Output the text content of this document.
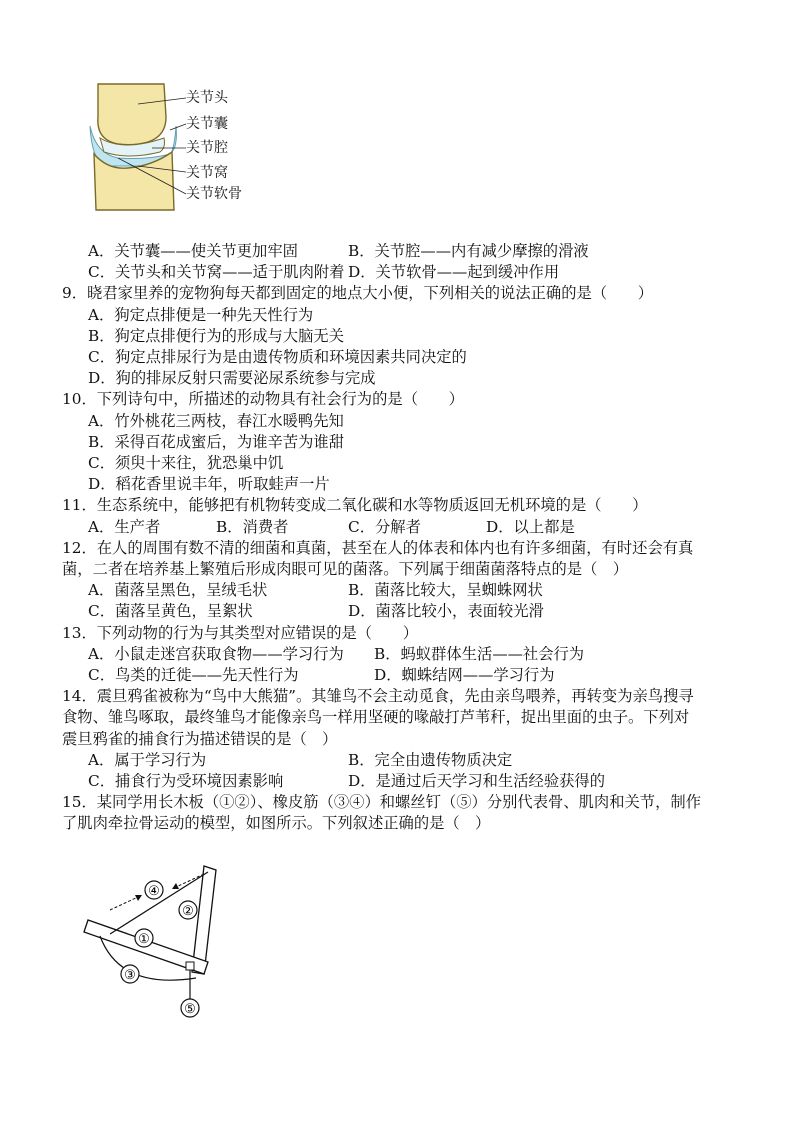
关节头
关节囊
关节腔
关节窝
关节软骨
A．关节囊——使关节更加牢固	B．关节腔——内有减少摩擦的滑液
C．关节头和关节窝——适于肌肉附着 D．关节软骨——起到缓冲作用
9．晓君家里养的宠物狗每天都到固定的地点大小便，下列相关的说法正确的是（　　）
A．狗定点排便是一种先天性行为
B．狗定点排便行为的形成与大脑无关
C．狗定点排尿行为是由遗传物质和环境因素共同决定的
D．狗的排尿反射只需要泌尿系统参与完成
10．下列诗句中，所描述的动物具有社会行为的是（　　）
A．竹外桃花三两枝，春江水暖鸭先知
B．采得百花成蜜后，为谁辛苦为谁甜
C．须臾十来往，犹恐巢中饥
D．稻花香里说丰年，听取蛙声一片
11．生态系统中，能够把有机物转变成二氧化碳和水等物质返回无机环境的是（　　）
A．生产者	B．消费者	C．分解者	D．以上都是
12．在人的周围有数不清的细菌和真菌，甚至在人的体表和体内也有许多细菌，有时还会有真
菌，二者在培养基上繁殖后形成肉眼可见的菌落。下列属于细菌菌落特点的是（　）
A．菌落呈黑色，呈绒毛状	B．菌落比较大，呈蜘蛛网状
C．菌落呈黄色，呈絮状	D．菌落比较小，表面较光滑
13．下列动物的行为与其类型对应错误的是（　　）
A．小鼠走迷宫获取食物——学习行为	B．蚂蚁群体生活——社会行为
C．鸟类的迁徙——先天性行为	D．蜘蛛结网——学习行为
14．震旦鸦雀被称为“鸟中大熊猫”。其雏鸟不会主动觅食，先由亲鸟喂养，再转变为亲鸟搜寻
食物、雏鸟啄取，最终雏鸟才能像亲鸟一样用坚硬的喙敲打芦苇秆，捉出里面的虫子。下列对
震旦鸦雀的捕食行为描述错误的是（　）
A．属于学习行为	B．完全由遗传物质决定
C．捕食行为受环境因素影响	D．是通过后天学习和生活经验获得的
15．某同学用长木板（①②）、橡皮筋（③④）和螺丝钉（⑤）分别代表骨、肌肉和关节，制作
了肌肉牵拉骨运动的模型，如图所示。下列叙述正确的是（　）
④
②
①
③
⑤
